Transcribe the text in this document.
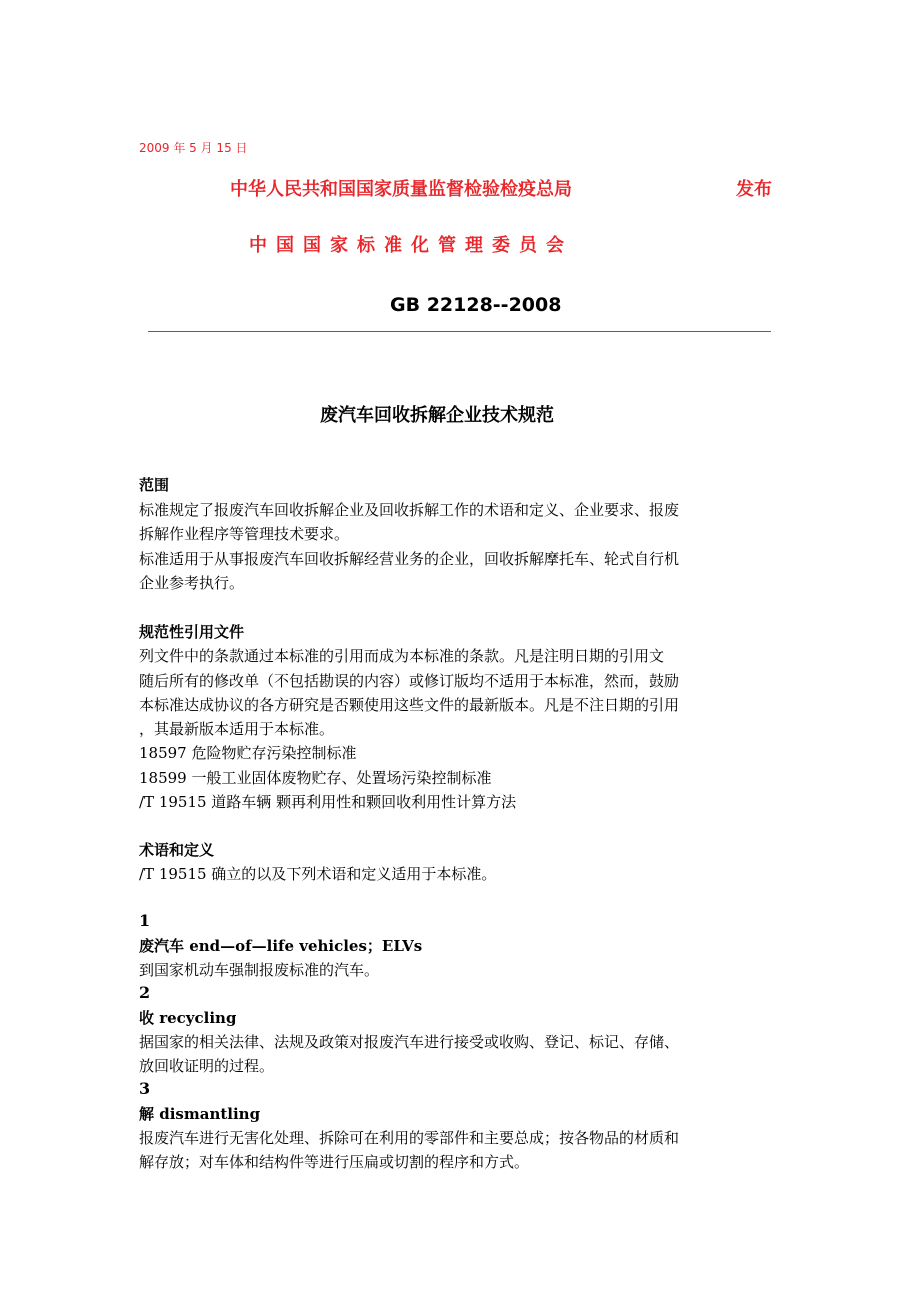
2009 年 5 月 15 日
中华人民共和国国家质量监督检验检疫总局	发布
中国国家标准化管理委员会
GB 22128--2008
废汽车回收拆解企业技术规范
范围
标准规定了报废汽车回收拆解企业及回收拆解工作的术语和定义、企业要求、报废
拆解作业程序等管理技术要求。
标准适用于从事报废汽车回收拆解经营业务的企业，回收拆解摩托车、轮式自行机
企业参考执行。
规范性引用文件
列文件中的条款通过本标准的引用而成为本标准的条款。凡是注明日期的引用文
随后所有的修改单（不包括勘误的内容）或修订版均不适用于本标准，然而，鼓励
本标准达成协议的各方研究是否颗使用这些文件的最新版本。凡是不注日期的引用
，其最新版本适用于本标准。
18597 危险物贮存污染控制标准
18599 一般工业固体废物贮存、处置场污染控制标准
/T 19515 道路车辆 颗再利用性和颗回收利用性计算方法
术语和定义
/T 19515 确立的以及下列术语和定义适用于本标准。
1
废汽车 end—of—life vehicles；ELVs
到国家机动车强制报废标准的汽车。
2
收 recycling
据国家的相关法律、法规及政策对报废汽车进行接受或收购、登记、标记、存储、
放回收证明的过程。
3
解 dismantling
报废汽车进行无害化处理、拆除可在利用的零部件和主要总成；按各物品的材质和
解存放；对车体和结构件等进行压扁或切割的程序和方式。
